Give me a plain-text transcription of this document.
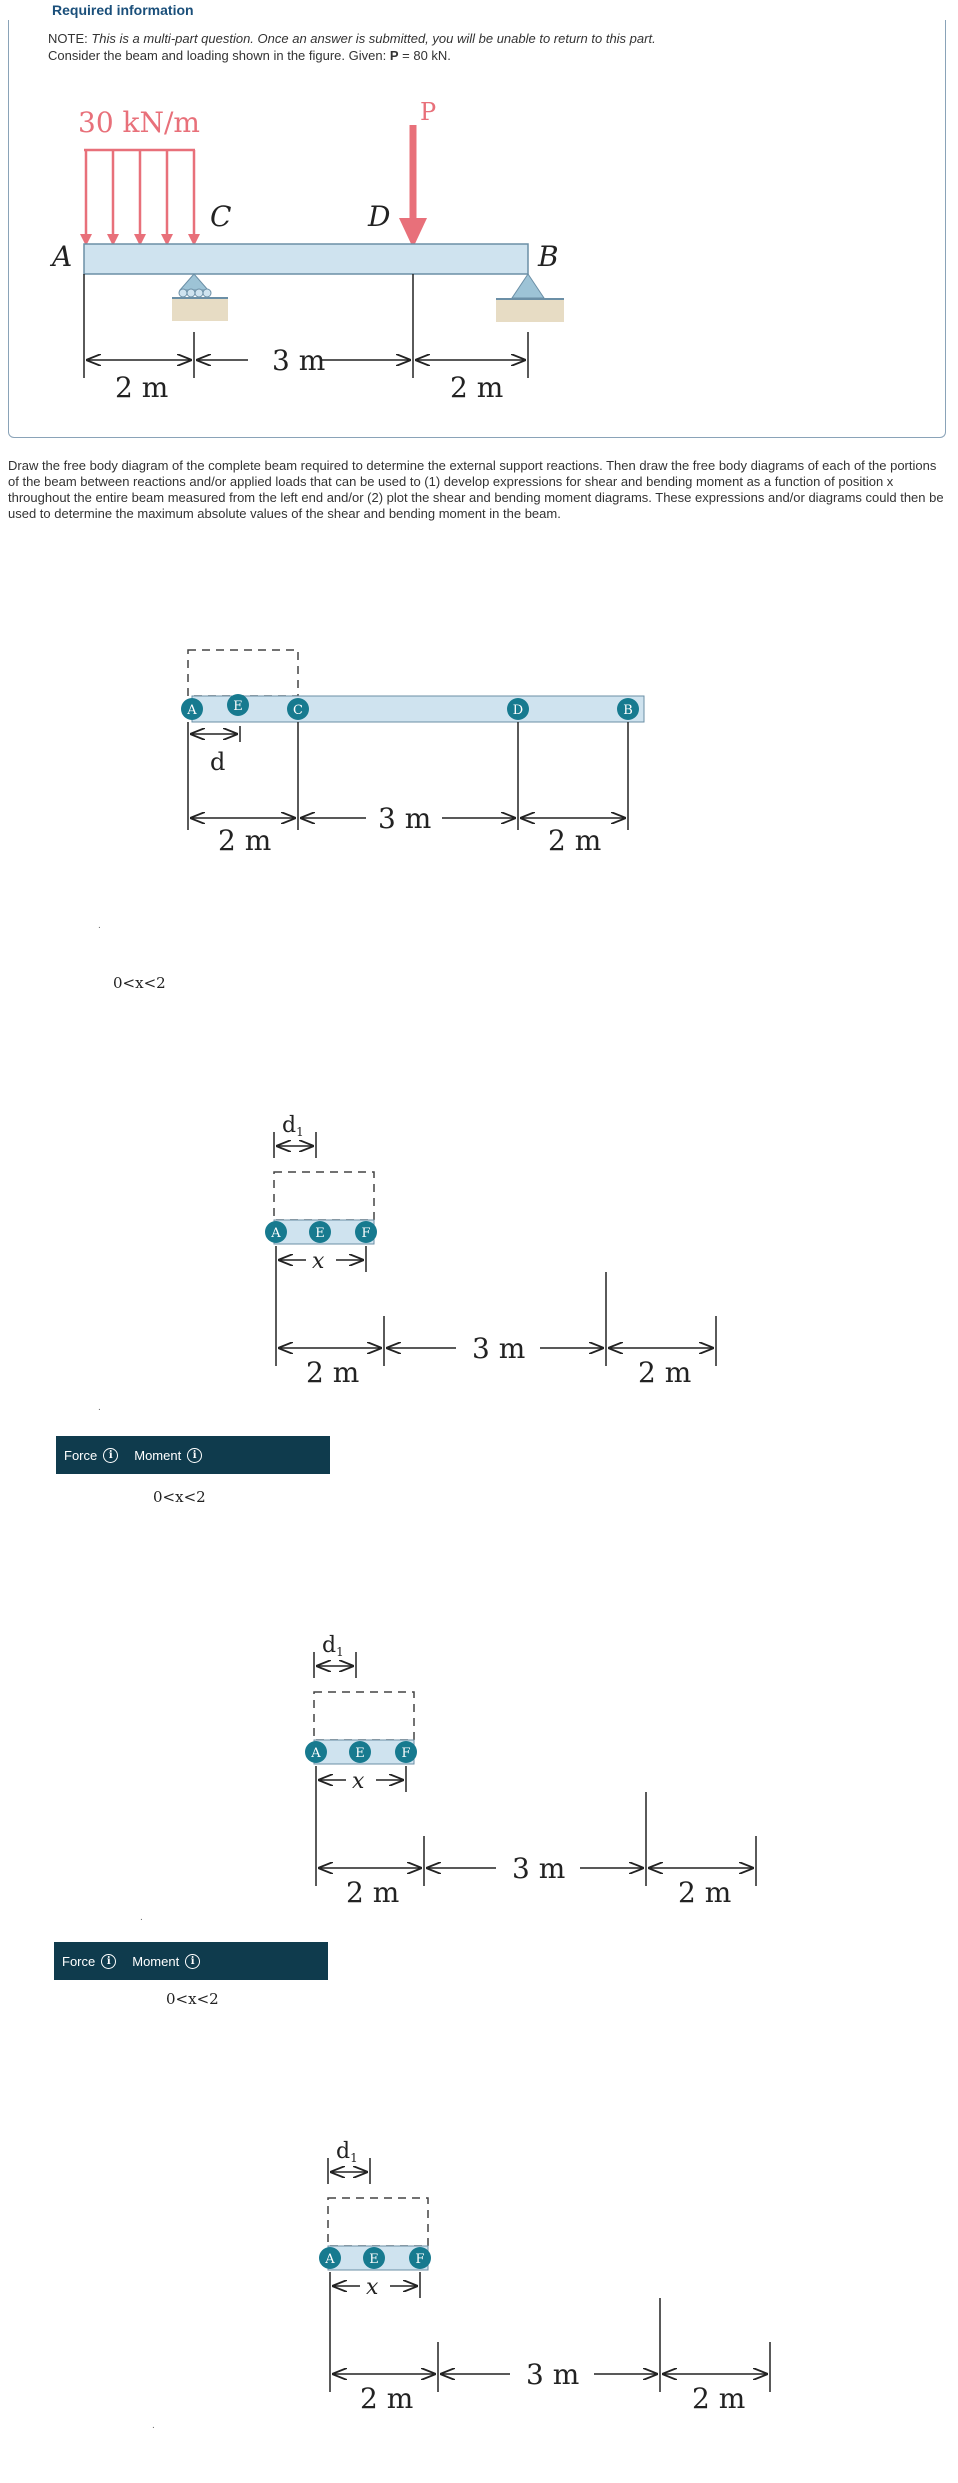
Required information
NOTE: This is a multi-part question. Once an answer is submitted, you will be unable to return to this part.
Consider the beam and loading shown in the figure. Given: P = 80 kN.
30 kN/m	P
A
C	D
B
2 m
3 m
2 m
Draw the free body diagram of the complete beam required to determine the external support reactions. Then draw the free body diagrams of each of the portions of the beam between reactions and/or applied loads that can be used to (1) develop expressions for shear and bending moment as a function of position x throughout the entire beam measured from the left end and/or (2) plot the shear and bending moment diagrams. These expressions and/or diagrams could then be used to determine the maximum absolute values of the shear and bending moment in the beam.
A	E	C	D	B
d
2 m
3 m
2 m
.
0<x<2
d1
A	E	F
x
2 m
3 m
2 m
.
Force	i	Moment	i
0<x<2
d1
A	E	F
x
2 m
3 m
2 m
.
Force	i	Moment	i
0<x<2
d1
A	E	F
x
2 m
3 m
2 m
.
